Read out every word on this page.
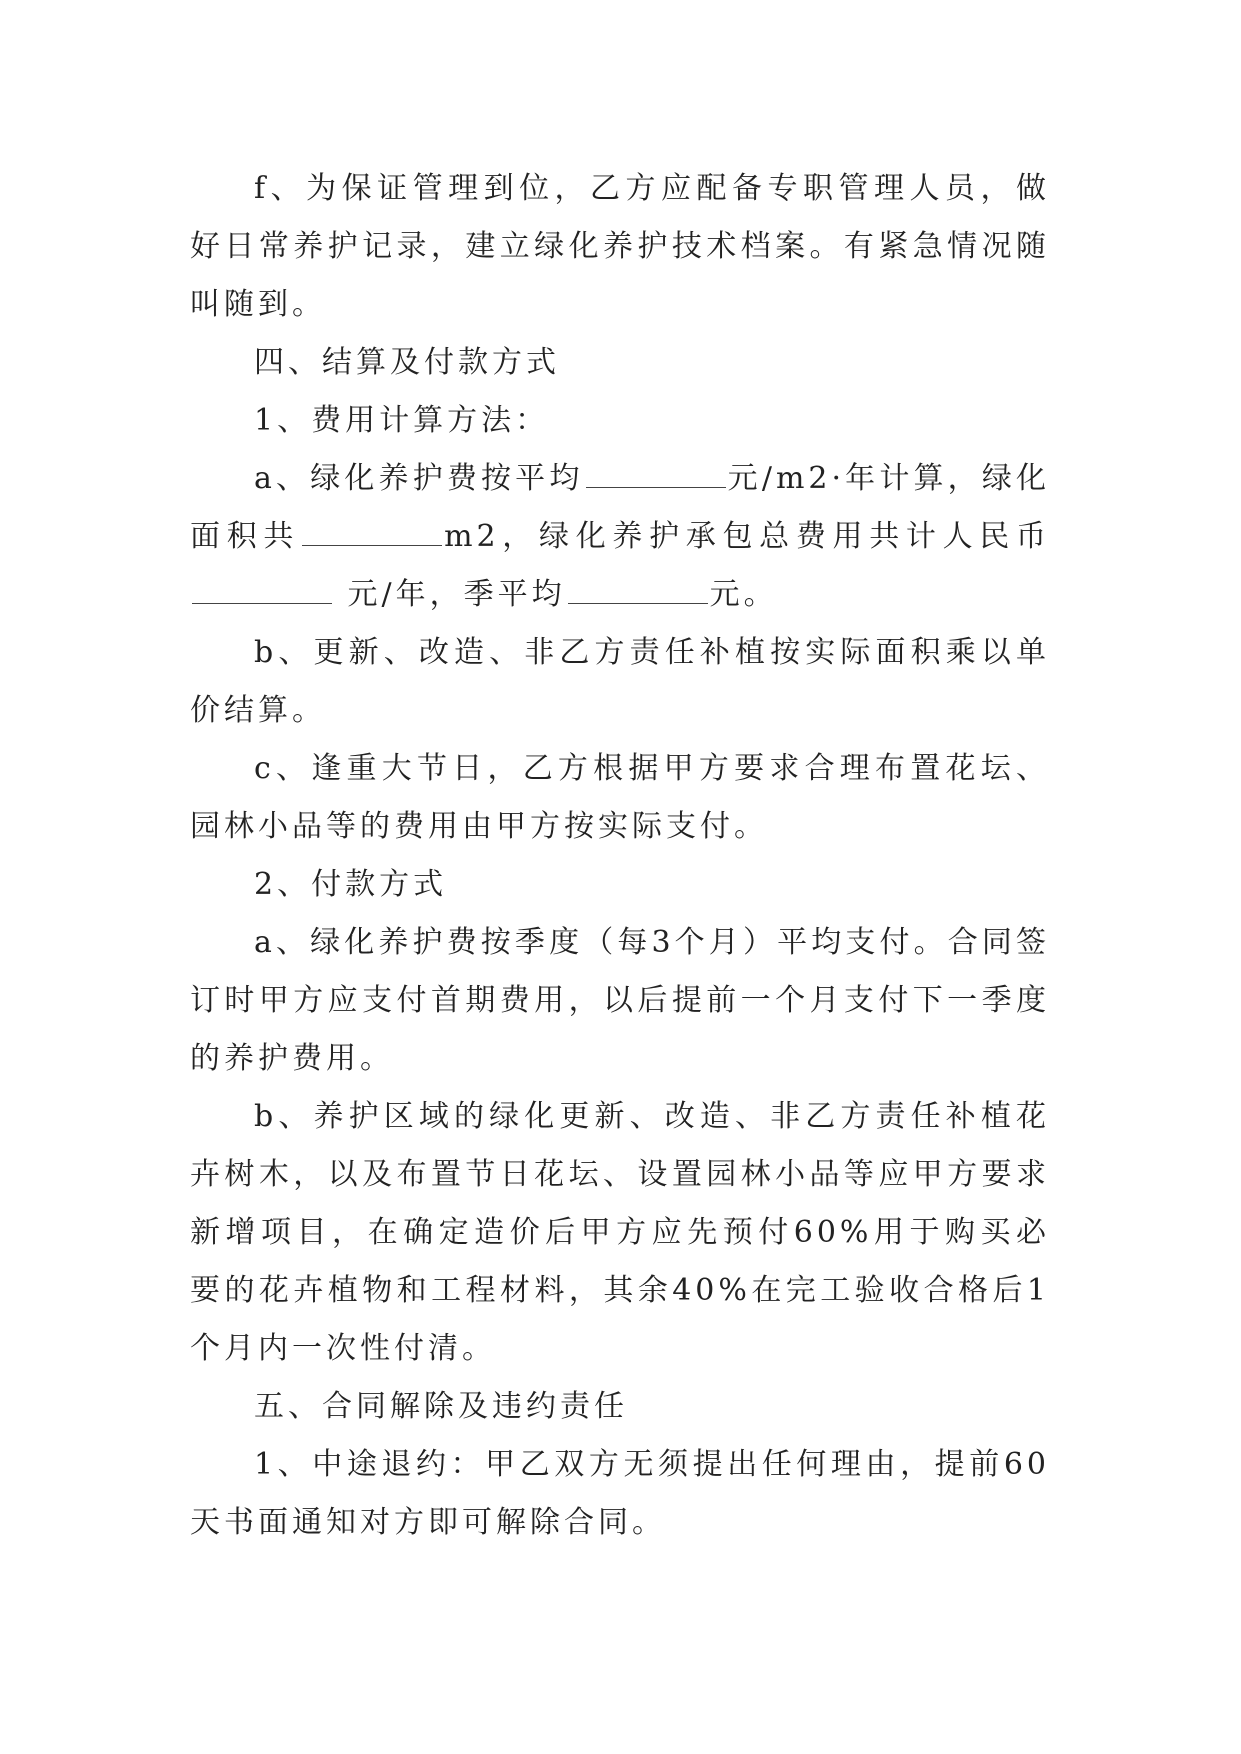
f、为保证管理到位，乙方应配备专职管理人员，做好日常养护记录，建立绿化养护技术档案。有紧急情况随叫随到。

四、结算及付款方式

1、费用计算方法：

a、绿化养护费按平均	元/m2·年计算，绿化面积共	m2，绿化养护承包总费用共计人民币 元/年，季平均	元。

b、更新、改造、非乙方责任补植按实际面积乘以单价结算。

c、逢重大节日，乙方根据甲方要求合理布置花坛、园林小品等的费用由甲方按实际支付。

2、付款方式

a、绿化养护费按季度（每3个月）平均支付。合同签订时甲方应支付首期费用，以后提前一个月支付下一季度的养护费用。

b、养护区域的绿化更新、改造、非乙方责任补植花卉树木，以及布置节日花坛、设置园林小品等应甲方要求新增项目，在确定造价后甲方应先预付60%用于购买必要的花卉植物和工程材料，其余40%在完工验收合格后1个月内一次性付清。

五、合同解除及违约责任

1、中途退约：甲乙双方无须提出任何理由，提前60天书面通知对方即可解除合同。
